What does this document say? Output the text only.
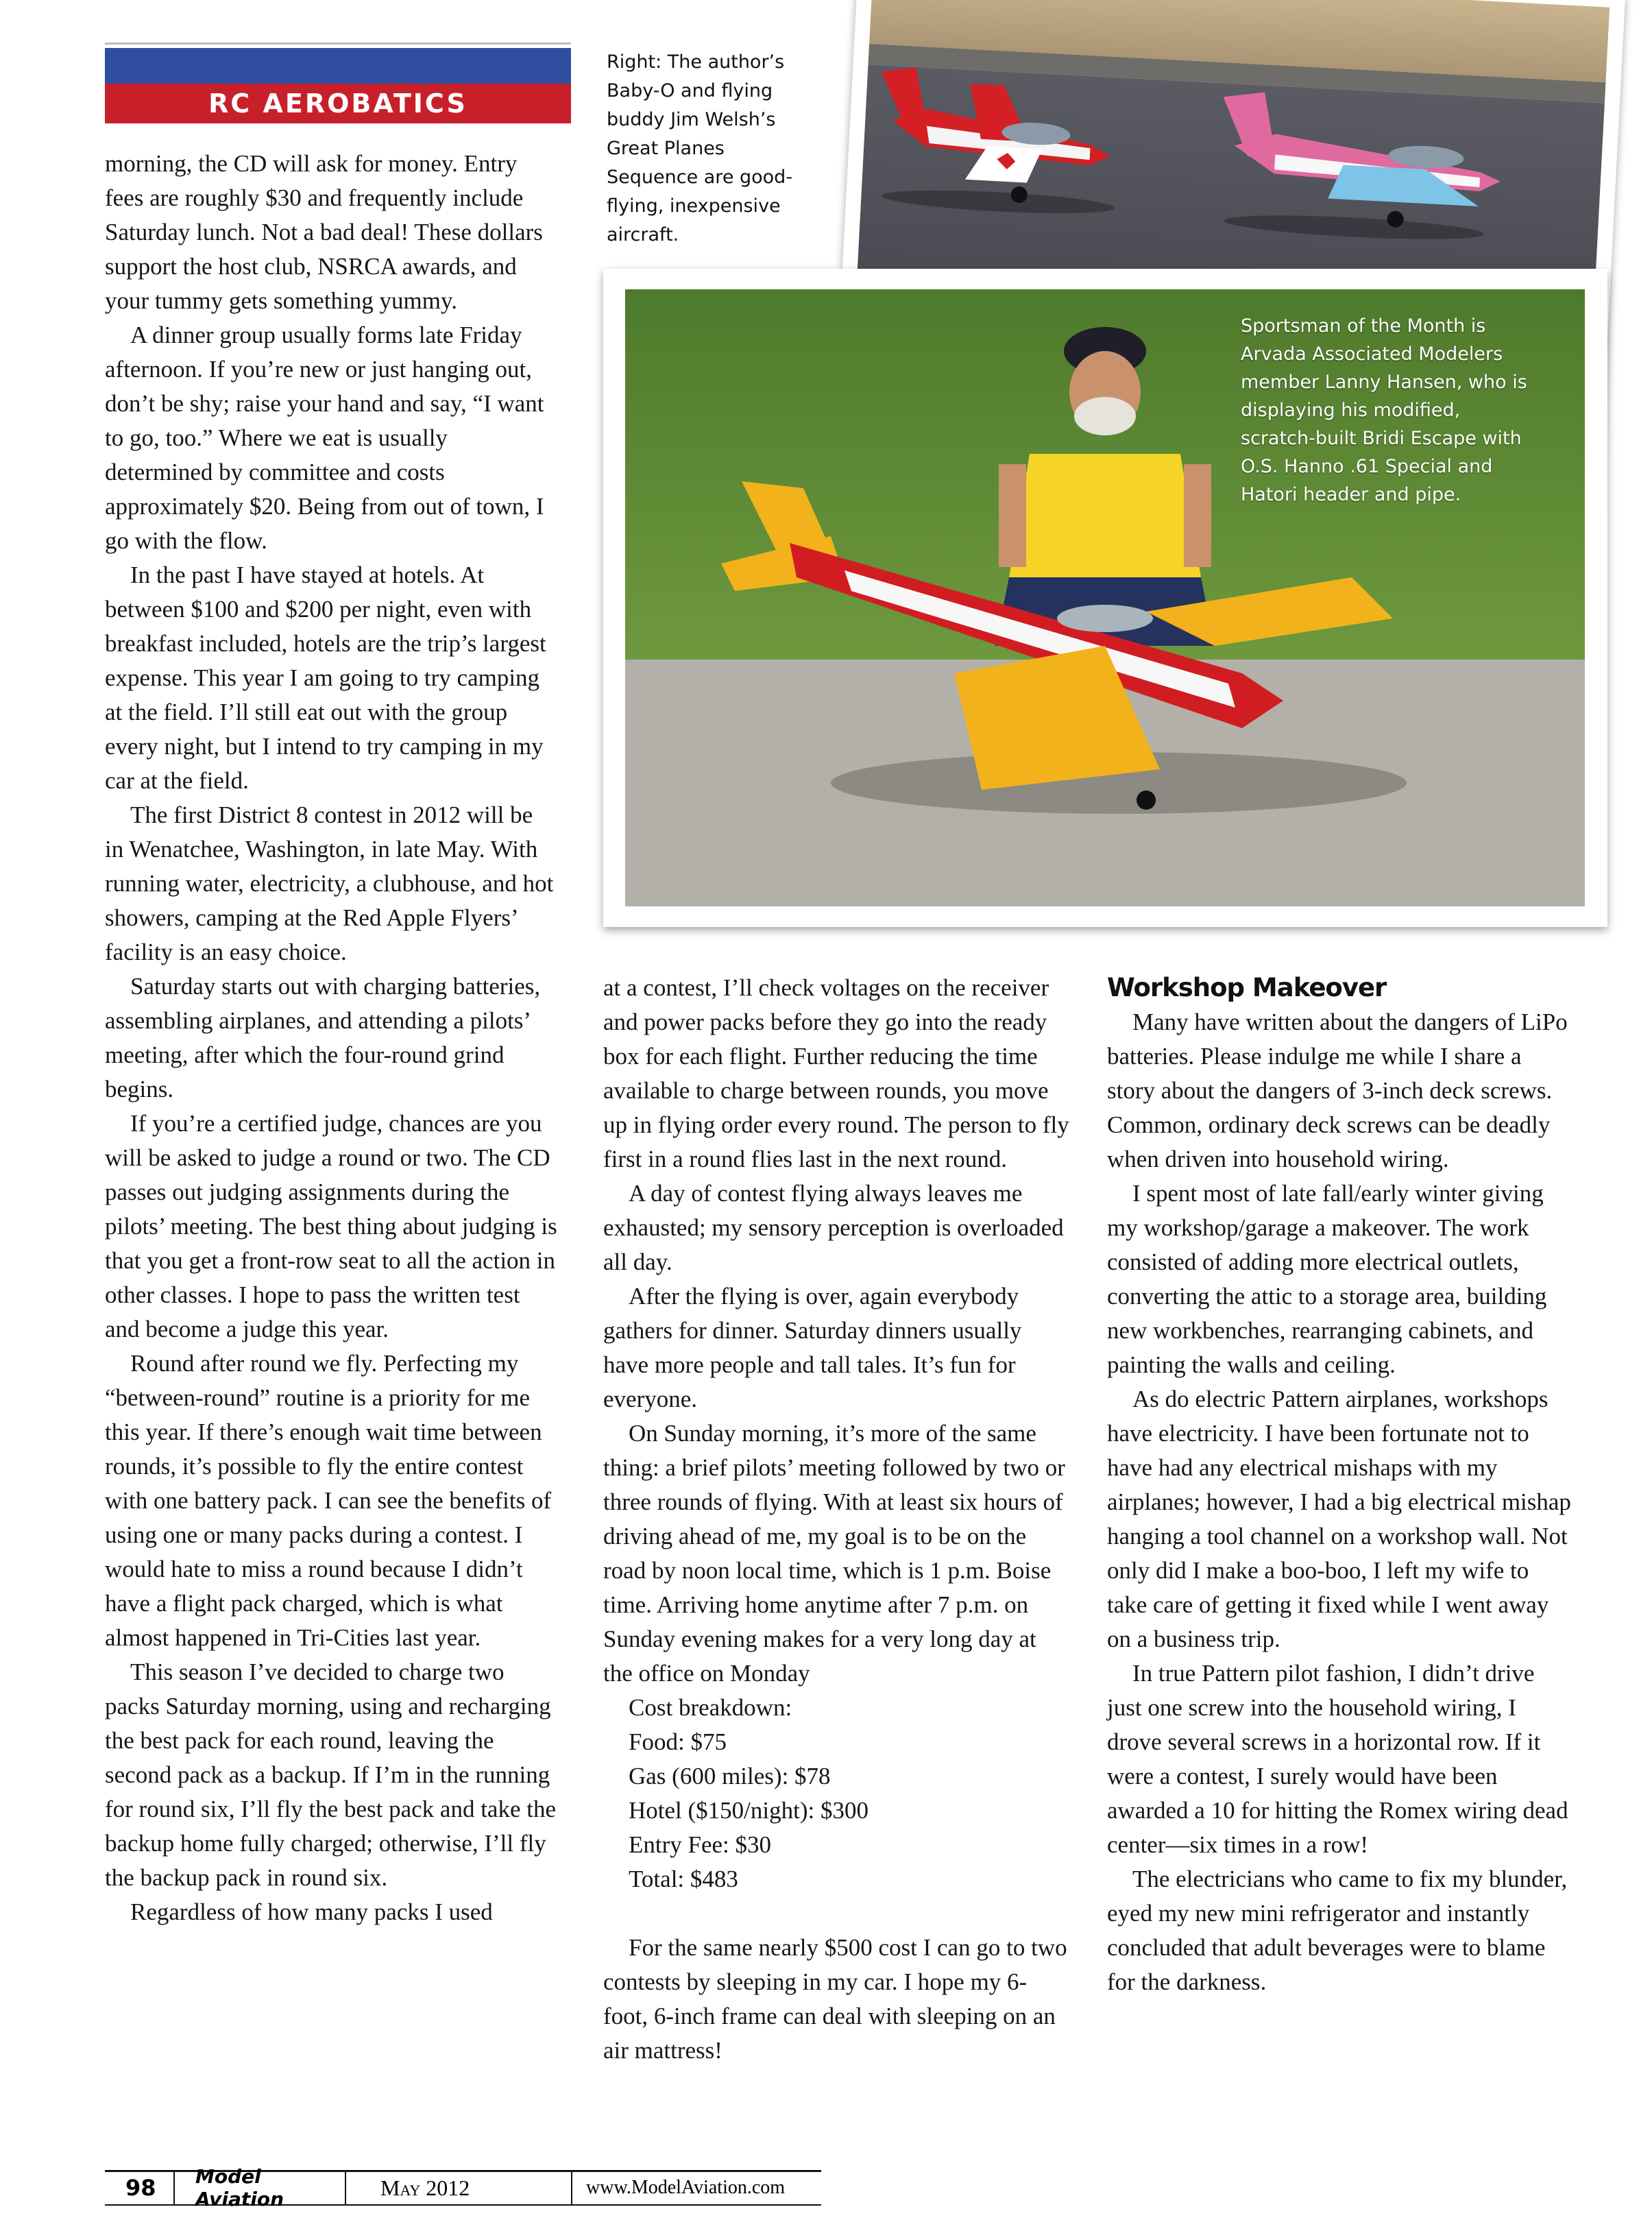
RC AEROBATICS

morning, the CD will ask for money. Entry fees are roughly $30 and frequently include Saturday lunch. Not a bad deal! These dollars support the host club, NSRCA awards, and your tummy gets something yummy.

A dinner group usually forms late Friday afternoon. If you’re new or just hanging out, don’t be shy; raise your hand and say, “I want to go, too.” Where we eat is usually determined by committee and costs approximately $20. Being from out of town, I go with the flow.

In the past I have stayed at hotels. At between $100 and $200 per night, even with breakfast included, hotels are the trip’s largest expense. This year I am going to try camping at the field. I’ll still eat out with the group every night, but I intend to try camping in my car at the field.

The first District 8 contest in 2012 will be in Wenatchee, Washington, in late May. With running water, electricity, a clubhouse, and hot showers, camping at the Red Apple Flyers’ facility is an easy choice.

Saturday starts out with charging batteries, assembling airplanes, and attending a pilots’ meeting, after which the four-round grind begins.

If you’re a certified judge, chances are you will be asked to judge a round or two. The CD passes out judging assignments during the pilots’ meeting. The best thing about judging is that you get a front-row seat to all the action in other classes. I hope to pass the written test and become a judge this year.

Round after round we fly. Perfecting my “between-round” routine is a priority for me this year. If there’s enough wait time between rounds, it’s possible to fly the entire contest with one battery pack. I can see the benefits of using one or many packs during a contest. I would hate to miss a round because I didn’t have a flight pack charged, which is what almost happened in Tri-Cities last year.

This season I’ve decided to charge two packs Saturday morning, using and recharging the best pack for each round, leaving the second pack as a backup. If I’m in the running for round six, I’ll fly the best pack and take the backup home fully charged; otherwise, I’ll fly the backup pack in round six.

Regardless of how many packs I used

Right: The author’s Baby-O and flying buddy Jim Welsh’s Great Planes Sequence are good-flying, inexpensive aircraft.
Sportsman of the Month is Arvada Associated Modelers member Lanny Hansen, who is displaying his modified, scratch-built Bridi Escape with O.S. Hanno .61 Special and Hatori header and pipe.

at a contest, I’ll check voltages on the receiver and power packs before they go into the ready box for each flight. Further reducing the time available to charge between rounds, you move up in flying order every round. The person to fly first in a round flies last in the next round.

A day of contest flying always leaves me exhausted; my sensory perception is overloaded all day.

After the flying is over, again everybody gathers for dinner. Saturday dinners usually have more people and tall tales. It’s fun for everyone.

On Sunday morning, it’s more of the same thing: a brief pilots’ meeting followed by two or three rounds of flying. With at least six hours of driving ahead of me, my goal is to be on the road by noon local time, which is 1 p.m. Boise time. Arriving home anytime after 7 p.m. on Sunday evening makes for a very long day at the office on Monday

Cost breakdown:
Food: $75
Gas (600 miles): $78
Hotel ($150/night): $300
Entry Fee: $30
Total: $483

For the same nearly $500 cost I can go to two contests by sleeping in my car. I hope my 6-foot, 6-inch frame can deal with sleeping on an air mattress!

Workshop Makeover

Many have written about the dangers of LiPo batteries. Please indulge me while I share a story about the dangers of 3-inch deck screws. Common, ordinary deck screws can be deadly when driven into household wiring.

I spent most of late fall/early winter giving my workshop/garage a makeover. The work consisted of adding more electrical outlets, converting the attic to a storage area, building new workbenches, rearranging cabinets, and painting the walls and ceiling.

As do electric Pattern airplanes, workshops have electricity. I have been fortunate not to have had any electrical mishaps with my airplanes; however, I had a big electrical mishap hanging a tool channel on a workshop wall. Not only did I make a boo-boo, I left my wife to take care of getting it fixed while I went away on a business trip.

In true Pattern pilot fashion, I didn’t drive just one screw into the household wiring, I drove several screws in a horizontal row. If it were a contest, I surely would have been awarded a 10 for hitting the Romex wiring dead center—six times in a row!

The electricians who came to fix my blunder, eyed my new mini refrigerator and instantly concluded that adult beverages were to blame for the darkness.

98	Model Aviation	May 2012	www.ModelAviation.com
